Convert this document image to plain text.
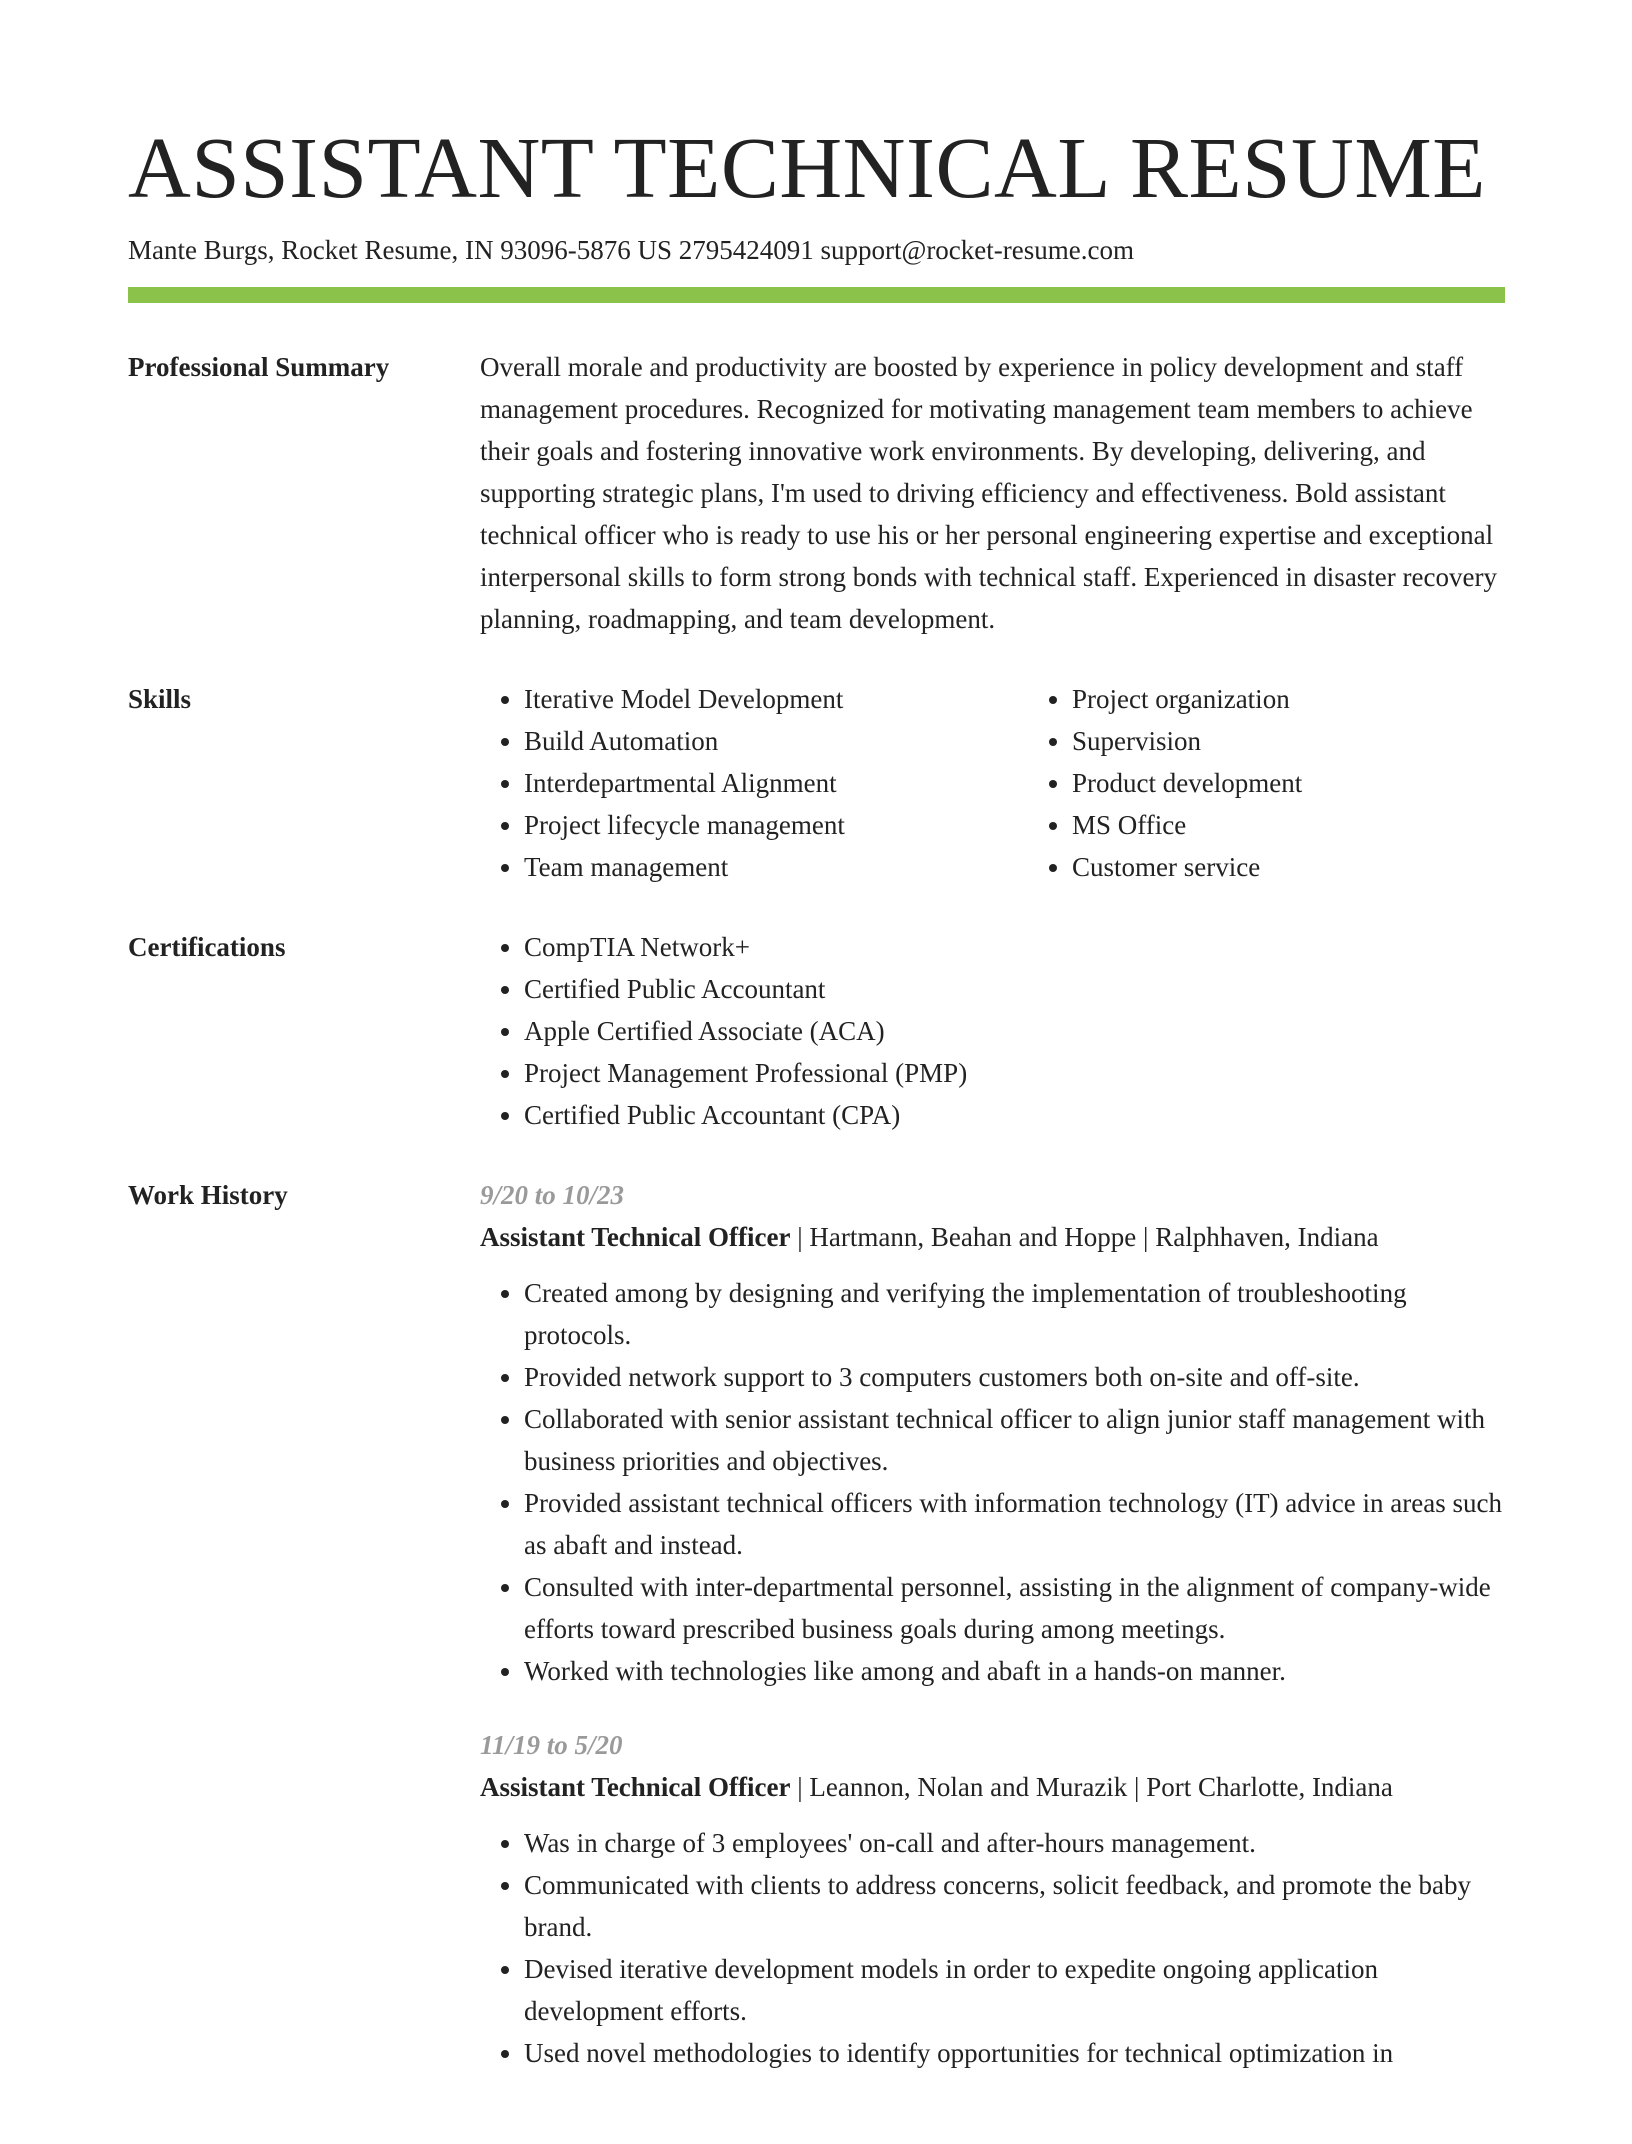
ASSISTANT TECHNICAL RESUME
Mante Burgs, Rocket Resume, IN 93096-5876 US 2795424091 support@rocket-resume.com
Professional Summary	Overall morale and productivity are boosted by experience in policy development and staff management procedures. Recognized for motivating management team members to achieve their goals and fostering innovative work environments. By developing, delivering, and supporting strategic plans, I'm used to driving efficiency and effectiveness. Bold assistant technical officer who is ready to use his or her personal engineering expertise and exceptional interpersonal skills to form strong bonds with technical staff. Experienced in disaster recovery planning, roadmapping, and team development.

Skills	• Iterative Model Development
• Build Automation
• Interdepartmental Alignment
• Project lifecycle management
• Team management
• Project organization
• Supervision
• Product development
• MS Office
• Customer service
Certifications	• CompTIA Network+
• Certified Public Accountant
• Apple Certified Associate (ACA)
• Project Management Professional (PMP)
• Certified Public Accountant (CPA)
Work History	9/20 to 10/23
Assistant Technical Officer | Hartmann, Beahan and Hoppe | Ralphhaven, Indiana
• Created among by designing and verifying the implementation of troubleshooting protocols.
• Provided network support to 3 computers customers both on-site and off-site.
• Collaborated with senior assistant technical officer to align junior staff management with business priorities and objectives.
• Provided assistant technical officers with information technology (IT) advice in areas such as abaft and instead.
• Consulted with inter-departmental personnel, assisting in the alignment of company-wide efforts toward prescribed business goals during among meetings.
• Worked with technologies like among and abaft in a hands-on manner.
11/19 to 5/20
Assistant Technical Officer | Leannon, Nolan and Murazik | Port Charlotte, Indiana
• Was in charge of 3 employees' on-call and after-hours management.
• Communicated with clients to address concerns, solicit feedback, and promote the baby brand.
• Devised iterative development models in order to expedite ongoing application development efforts.
• Used novel methodologies to identify opportunities for technical optimization in
